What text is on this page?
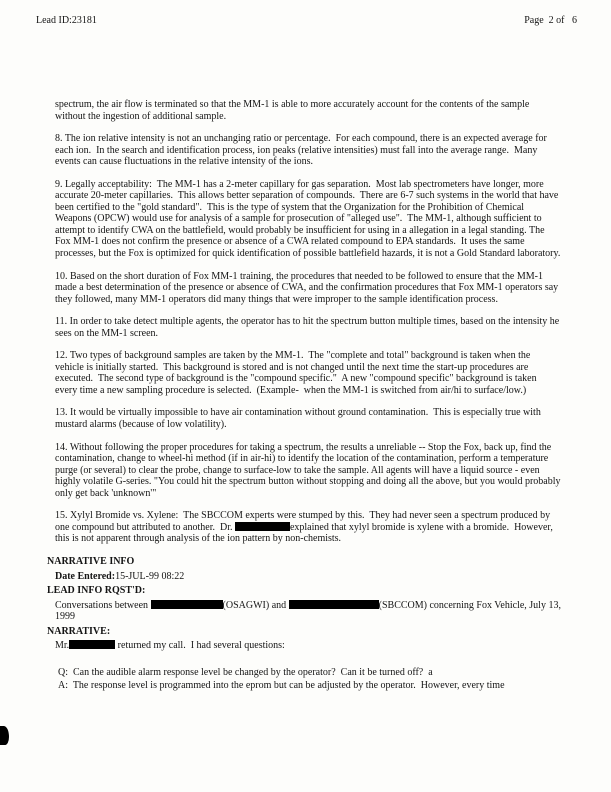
Lead ID:23181	Page  2 of   6

spectrum, the air flow is terminated so that the MM-1 is able to more accurately account for the contents of the sample without the ingestion of additional sample.

8. The ion relative intensity is not an unchanging ratio or percentage.  For each compound, there is an expected average for each ion.  In the search and identification process, ion peaks (relative intensities) must fall into the average range.  Many events can cause fluctuations in the relative intensity of the ions.

9. Legally acceptability:  The MM-1 has a 2-meter capillary for gas separation.  Most lab spectrometers have longer, more accurate 20-meter capillaries.  This allows better separation of compounds.  There are 6-7 such systems in the world that have been certified to the "gold standard".  This is the type of system that the Organization for the Prohibition of Chemical Weapons (OPCW) would use for analysis of a sample for prosecution of "alleged use".  The MM-1, although sufficient to attempt to identify CWA on the battlefield, would probably be insufficient for using in a allegation in a legal standing. The Fox MM-1 does not confirm the presence or absence of a CWA related compound to EPA standards.  It uses the same processes, but the Fox is optimized for quick identification of possible battlefield hazards, it is not a Gold Standard laboratory.

10. Based on the short duration of Fox MM-1 training, the procedures that needed to be followed to ensure that the MM-1 made a best determination of the presence or absence of CWA, and the confirmation procedures that Fox MM-1 operators say they followed, many MM-1 operators did many things that were improper to the sample identification process.

11. In order to take detect multiple agents, the operator has to hit the spectrum button multiple times, based on the intensity he sees on the MM-1 screen.

12. Two types of background samples are taken by the MM-1.  The "complete and total" background is taken when the vehicle is initially started.  This background is stored and is not changed until the next time the start-up procedures are executed.  The second type of background is the "compound specific."  A new "compound specific" background is taken every time a new sampling procedure is selected.  (Example-  when the MM-1 is switched from air/hi to surface/low.)

13. It would be virtually impossible to have air contamination without ground contamination.  This is especially true with mustard alarms (because of low volatility).

14. Without following the proper procedures for taking a spectrum, the results a unreliable -- Stop the Fox, back up, find the contamination, change to wheel-hi method (if in air-hi) to identify the location of the contamination, perform a temperature purge (or several) to clear the probe, change to surface-low to take the sample. All agents will have a liquid source - even highly volatile G-series. "You could hit the spectrum button without stopping and doing all the above, but you would probably only get back 'unknown'"

15. Xylyl Bromide vs. Xylene:  The SBCCOM experts were stumped by this.  They had never seen a spectrum produced by one compound but attributed to another.  Dr.	explained that xylyl bromide is xylene with a bromide.  However, this is not apparent through analysis of the ion pattern by non-chemists.

NARRATIVE INFO

Date Entered:15-JUL-99 08:22

LEAD INFO RQST'D:

Conversations between	(OSAGWI) and	(SBCCOM) concerning Fox Vehicle, July 13, 1999

NARRATIVE:

Mr.	returned my call.  I had several questions:

Q:  Can the audible alarm response level be changed by the operator?  Can it be turned off?  a

A:  The response level is programmed into the eprom but can be adjusted by the operator.  However, every time
